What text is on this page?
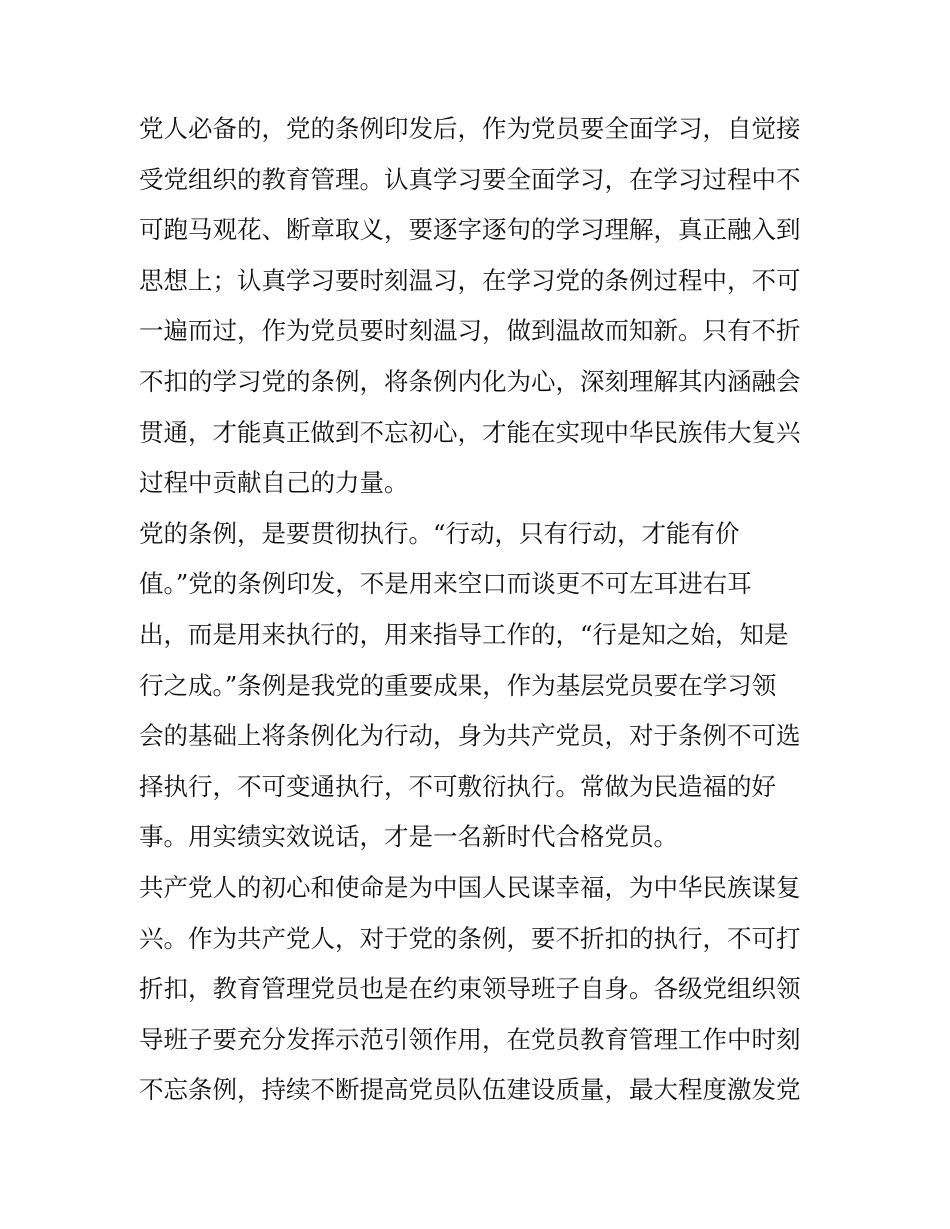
党人必备的，党的条例印发后，作为党员要全面学习，自觉接
受党组织的教育管理。认真学习要全面学习，在学习过程中不
可跑马观花、断章取义，要逐字逐句的学习理解，真正融入到
思想上；认真学习要时刻温习，在学习党的条例过程中，不可
一遍而过，作为党员要时刻温习，做到温故而知新。只有不折
不扣的学习党的条例，将条例内化为心，深刻理解其内涵融会
贯通，才能真正做到不忘初心，才能在实现中华民族伟大复兴
过程中贡献自己的力量。
党的条例，是要贯彻执行。“行动，只有行动，才能有价
值。”党的条例印发，不是用来空口而谈更不可左耳进右耳
出，而是用来执行的，用来指导工作的，“行是知之始，知是
行之成。”条例是我党的重要成果，作为基层党员要在学习领
会的基础上将条例化为行动，身为共产党员，对于条例不可选
择执行，不可变通执行，不可敷衍执行。常做为民造福的好
事。用实绩实效说话，才是一名新时代合格党员。
共产党人的初心和使命是为中国人民谋幸福，为中华民族谋复
兴。作为共产党人，对于党的条例，要不折扣的执行，不可打
折扣，教育管理党员也是在约束领导班子自身。各级党组织领
导班子要充分发挥示范引领作用，在党员教育管理工作中时刻
不忘条例，持续不断提高党员队伍建设质量，最大程度激发党
